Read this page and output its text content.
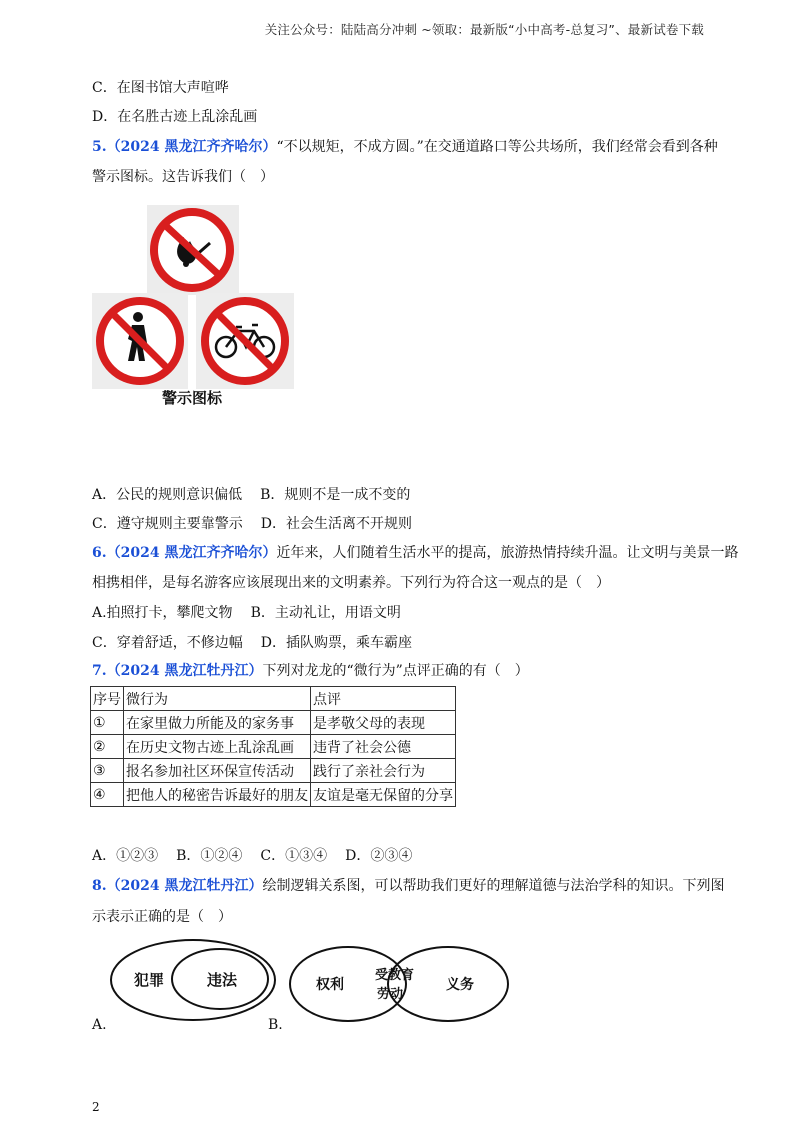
关注公众号：陆陆高分冲刺 ~领取：最新版“小中高考-总复习”、最新试卷下载
C．在图书馆大声喧哗
D．在名胜古迹上乱涂乱画
5.（2024 黑龙江齐齐哈尔）“不以规矩，不成方圆。”在交通道路口等公共场所，我们经常会看到各种
警示图标。这告诉我们（　）
警示图标
A．公民的规则意识偏低 B．规则不是一成不变的
C．遵守规则主要靠警示 D．社会生活离不开规则
6.（2024 黑龙江齐齐哈尔）近年来，人们随着生活水平的提高，旅游热情持续升温。让文明与美景一路
相携相伴，是每名游客应该展现出来的文明素养。下列行为符合这一观点的是（　）
A.拍照打卡，攀爬文物 B．主动礼让，用语文明
C．穿着舒适，不修边幅 D．插队购票，乘车霸座
7.（2024 黑龙江牡丹江）下列对龙龙的“微行为”点评正确的有（　）
序号	微行为	点评
①	在家里做力所能及的家务事	是孝敬父母的表现
②	在历史文物古迹上乱涂乱画	违背了社会公德
③	报名参加社区环保宣传活动	践行了亲社会行为
④	把他人的秘密告诉最好的朋友	友谊是毫无保留的分享
A．①②③ B．①②④ C．①③④ D．②③④
8.（2024 黑龙江牡丹江）绘制逻辑关系图，可以帮助我们更好的理解道德与法治学科的知识。下列图
示表示正确的是（　）
犯罪	违法
A.
权利
受教育
劳动
义务
B.
2
